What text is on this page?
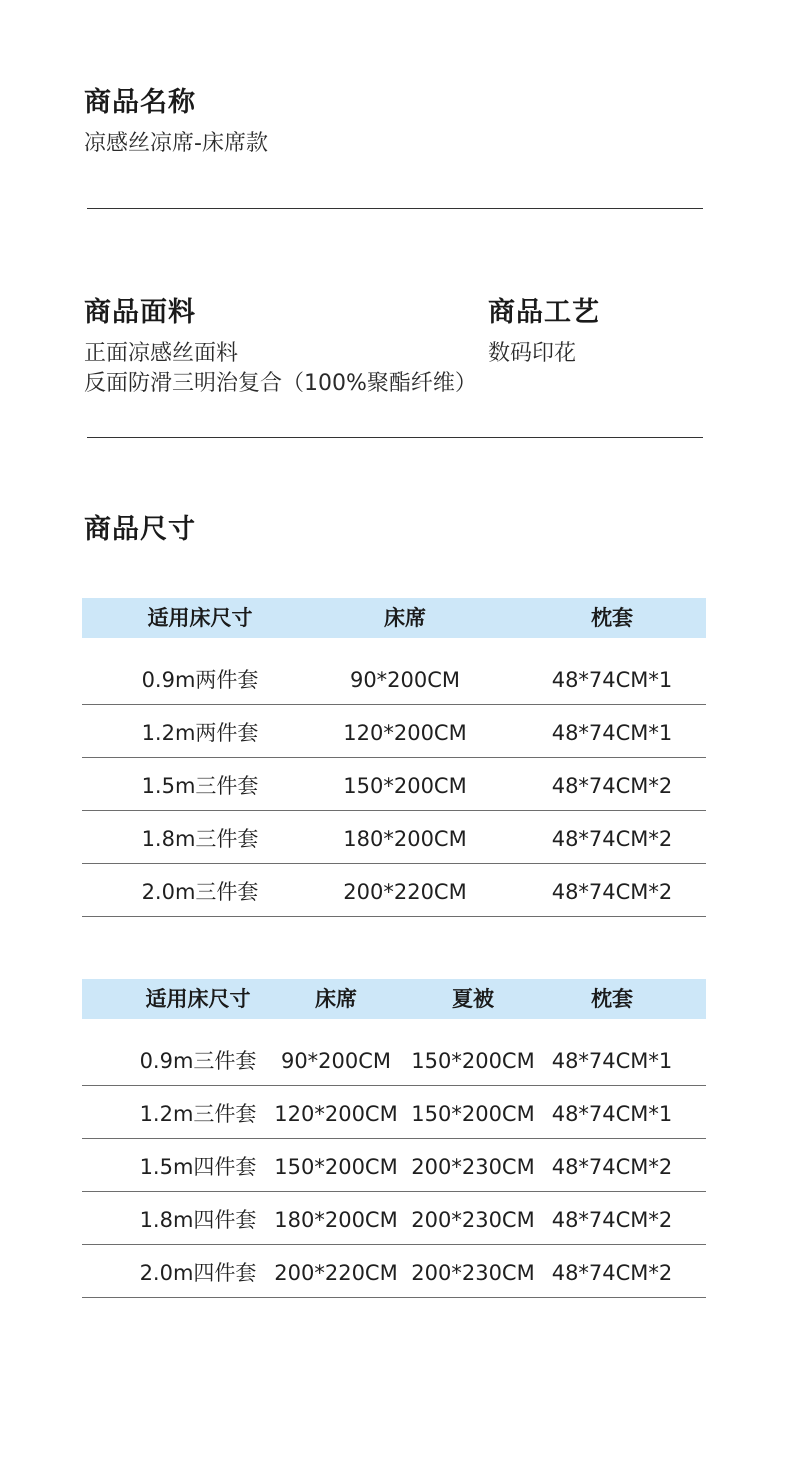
商品名称
凉感丝凉席-床席款
商品面料
正面凉感丝面料
反面防滑三明治复合（100%聚酯纤维）
商品工艺
数码印花
商品尺寸
适用床尺寸	床席	枕套
0.9m两件套	90*200CM	48*74CM*1
1.2m两件套	120*200CM	48*74CM*1
1.5m三件套	150*200CM	48*74CM*2
1.8m三件套	180*200CM	48*74CM*2
2.0m三件套	200*220CM	48*74CM*2
适用床尺寸	床席	夏被	枕套
0.9m三件套	90*200CM 150*200CM 48*74CM*1
1.2m三件套 120*200CM 150*200CM 48*74CM*1
1.5m四件套 150*200CM 200*230CM 48*74CM*2
1.8m四件套 180*200CM 200*230CM 48*74CM*2
2.0m四件套 200*220CM 200*230CM 48*74CM*2
